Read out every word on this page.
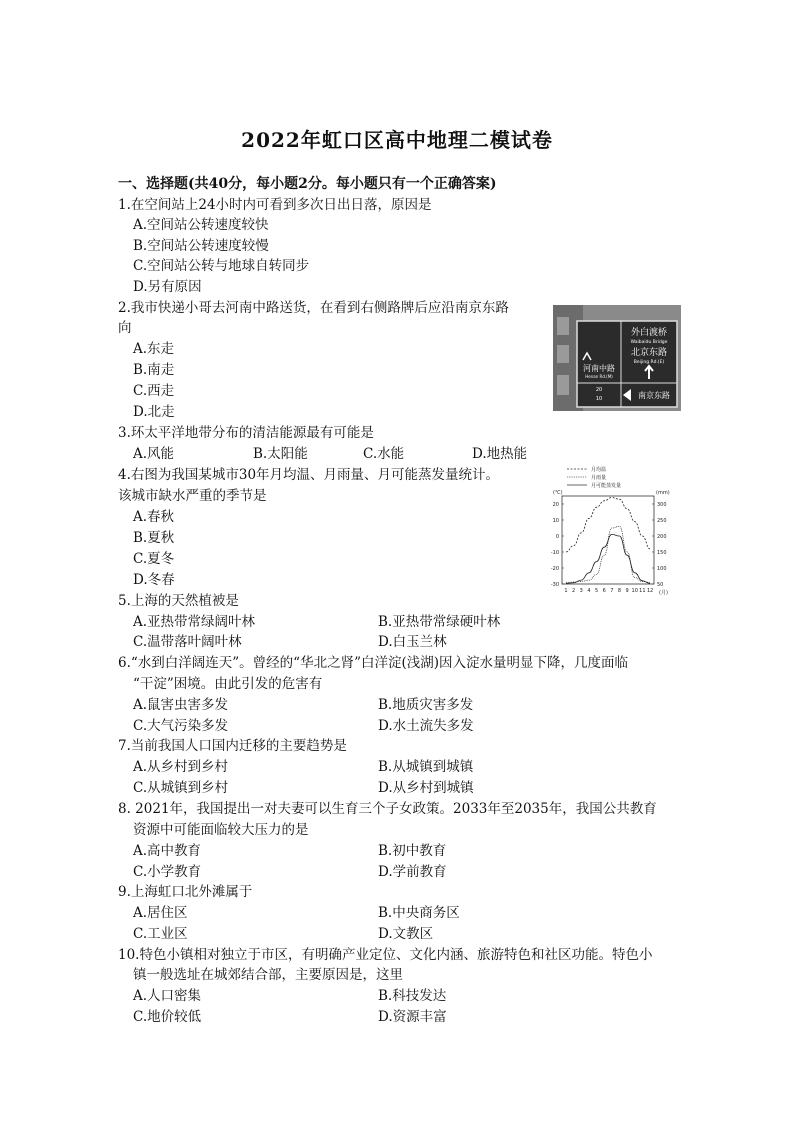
2022年虹口区高中地理二模试卷
一、选择题(共40分，每小题2分。每小题只有一个正确答案)
1.在空间站上24小时内可看到多次日出日落，原因是
A.空间站公转速度较快
B.空间站公转速度较慢
C.空间站公转与地球自转同步
D.另有原因
2.我市快递小哥去河南中路送货，在看到右侧路牌后应沿南京东路
向
A.东走
B.南走
C.西走
D.北走
外白渡桥
Waibaidu Bridge
北京东路
Beijing Rd.(E)
河南中路
Henan Rd.(M)
20
10	南京东路
3.环太平洋地带分布的清洁能源最有可能是
A.风能	B.太阳能	C.水能	D.地热能
4.右图为我国某城市30年月均温、月雨量、月可能蒸发量统计。
该城市缺水严重的季节是
A.春秋
B.夏秋
C.夏冬
D.冬春
月均温
月雨量
月可能蒸发量
(℃)	(mm)
20
10
0
-10
-20
-30
300
250
200
150
100
50
1 2 3 4 5 6 7 8 9 10 11 12 (月)
5.上海的天然植被是
A.亚热带常绿阔叶林	B.亚热带常绿硬叶林
C.温带落叶阔叶林	D.白玉兰林
6.“水到白洋阔连天”。曾经的“华北之肾”白洋淀(浅湖)因入淀水量明显下降，几度面临
“干淀”困境。由此引发的危害有
A.鼠害虫害多发	B.地质灾害多发
C.大气污染多发	D.水土流失多发
7.当前我国人口国内迁移的主要趋势是
A.从乡村到乡村	B.从城镇到城镇
C.从城镇到乡村	D.从乡村到城镇
8. 2021年，我国提出一对夫妻可以生育三个子女政策。2033年至2035年，我国公共教育
资源中可能面临较大压力的是
A.高中教育	B.初中教育
C.小学教育	D.学前教育
9.上海虹口北外滩属于
A.居住区	B.中央商务区
C.工业区	D.文教区
10.特色小镇相对独立于市区，有明确产业定位、文化内涵、旅游特色和社区功能。特色小
镇一般选址在城郊结合部，主要原因是，这里
A.人口密集	B.科技发达
C.地价较低	D.资源丰富
